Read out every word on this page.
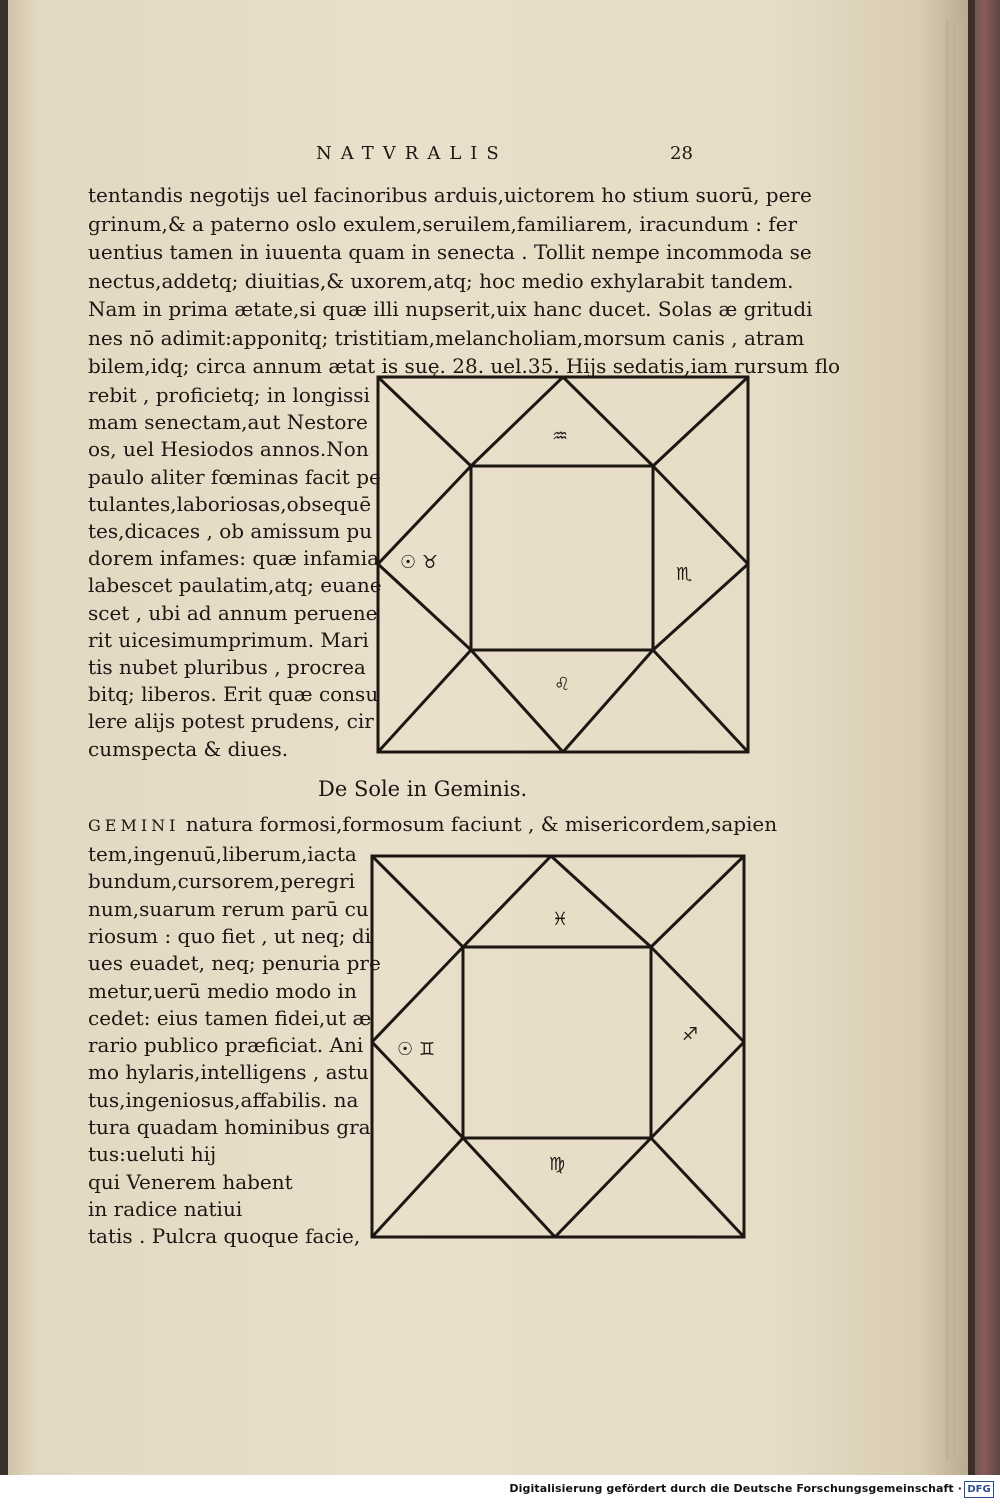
NATVRALIS	28
tentandis negotijs uel facinoribus arduis,uictorem ho stium suorū, pere
grinum,& a paterno oslo exulem,seruilem,familiarem, iracundum : fer
uentius tamen in iuuenta quam in senecta . Tollit nempe incommoda se
nectus,addetq; diuitias,& uxorem,atq; hoc medio exhylarabit tandem.
Nam in prima ætate,si quæ illi nupserit,uix hanc ducet. Solas æ gritudi
nes nō adimit:apponitq; tristitiam,melancholiam,morsum canis , atram
bilem,idq; circa annum ætat is suę. 28. uel.35. Hijs sedatis,iam rursum flo
rebit , proficietq; in longissi
mam senectam,aut Nestore
os, uel Hesiodos annos.Non
paulo aliter fœminas facit pe
tulantes,laboriosas,obsequē
tes,dicaces , ob amissum pu
dorem infames: quæ infamia
labescet paulatim,atq; euane
scet , ubi ad annum peruene
rit uicesimumprimum. Mari
tis nubet pluribus , procrea
bitq; liberos. Erit quæ consu
lere alijs potest prudens, cir
cumspecta & diues.
♒
☉ ♉
♏
♌
De Sole in Geminis.
GEMINI natura formosi,formosum faciunt , & misericordem,sapien
tem,ingenuū,liberum,iacta
bundum,cursorem,peregri
num,suarum rerum parū cu
riosum : quo fiet , ut neq; di
ues euadet, neq; penuria pre
metur,uerū medio modo in
cedet: eius tamen fidei,ut æ
rario publico præficiat. Ani
mo hylaris,intelligens , astu
tus,ingeniosus,affabilis. na
tura quadam hominibus gra
tus:ueluti hij
qui Venerem habent
in radice natiui
tatis . Pulcra quoque facie,
♓
☉ ♊
♐
♍
Digitalisierung gefördert durch die Deutsche Forschungsgemeinschaft · DFG
